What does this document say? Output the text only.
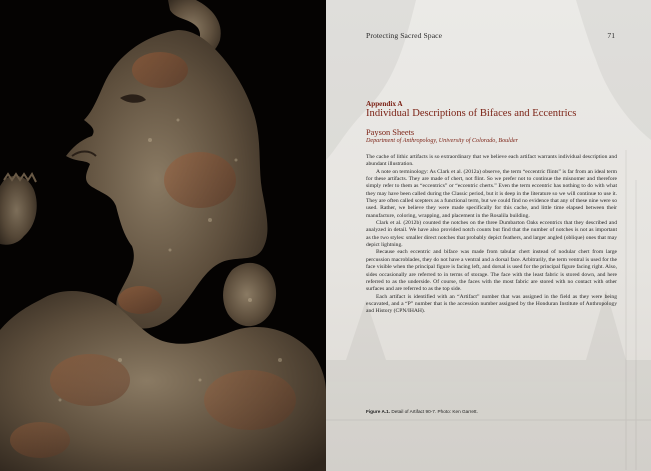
Protecting Sacred Space	71
Appendix A
Individual Descriptions of Bifaces and Eccentrics
Payson Sheets
Department of Anthropology, University of Colorado, Boulder

The cache of lithic artifacts is so extraordinary that we believe each artifact warrants individual description and abundant illustration.

A note on terminology: As Clark et al. (2012a) observe, the term “eccentric flints” is far from an ideal term for these artifacts. They are made of chert, not flint. So we prefer not to continue the misnomer and therefore simply refer to them as “eccentrics” or “eccentric cherts.” Even the term eccentric has nothing to do with what they may have been called during the Classic period, but it is deep in the literature so we will continue to use it. They are often called scepters as a functional term, but we could find no evidence that any of these nine were so used. Rather, we believe they were made specifically for this cache, and little time elapsed between their manufacture, coloring, wrapping, and placement in the Rosalila building.

Clark et al. (2012b) counted the notches on the three Dumbarton Oaks eccentrics that they described and analyzed in detail. We have also provided notch counts but find that the number of notches is not as important as the two styles: smaller direct notches that probably depict feathers, and larger angled (oblique) ones that may depict lightning.

Because each eccentric and biface was made from tabular chert instead of nodular chert from large percussion macroblades, they do not have a ventral and a dorsal face. Arbitrarily, the term ventral is used for the face visible when the principal figure is facing left, and dorsal is used for the principal figure facing right. Also, sides occasionally are referred to in terms of storage. The face with the least fabric is stored down, and here referred to as the underside. Of course, the faces with the most fabric are stored with no contact with other surfaces and are referred to as the top side.

Each artifact is identified with an “Artifact” number that was assigned in the field as they were being excavated, and a “P” number that is the accession number assigned by the Honduran Institute of Anthropology and History (CPN/IHAH).

Figure A.1. Detail of Artifact 90-7. Photo: Ken Garrett.
